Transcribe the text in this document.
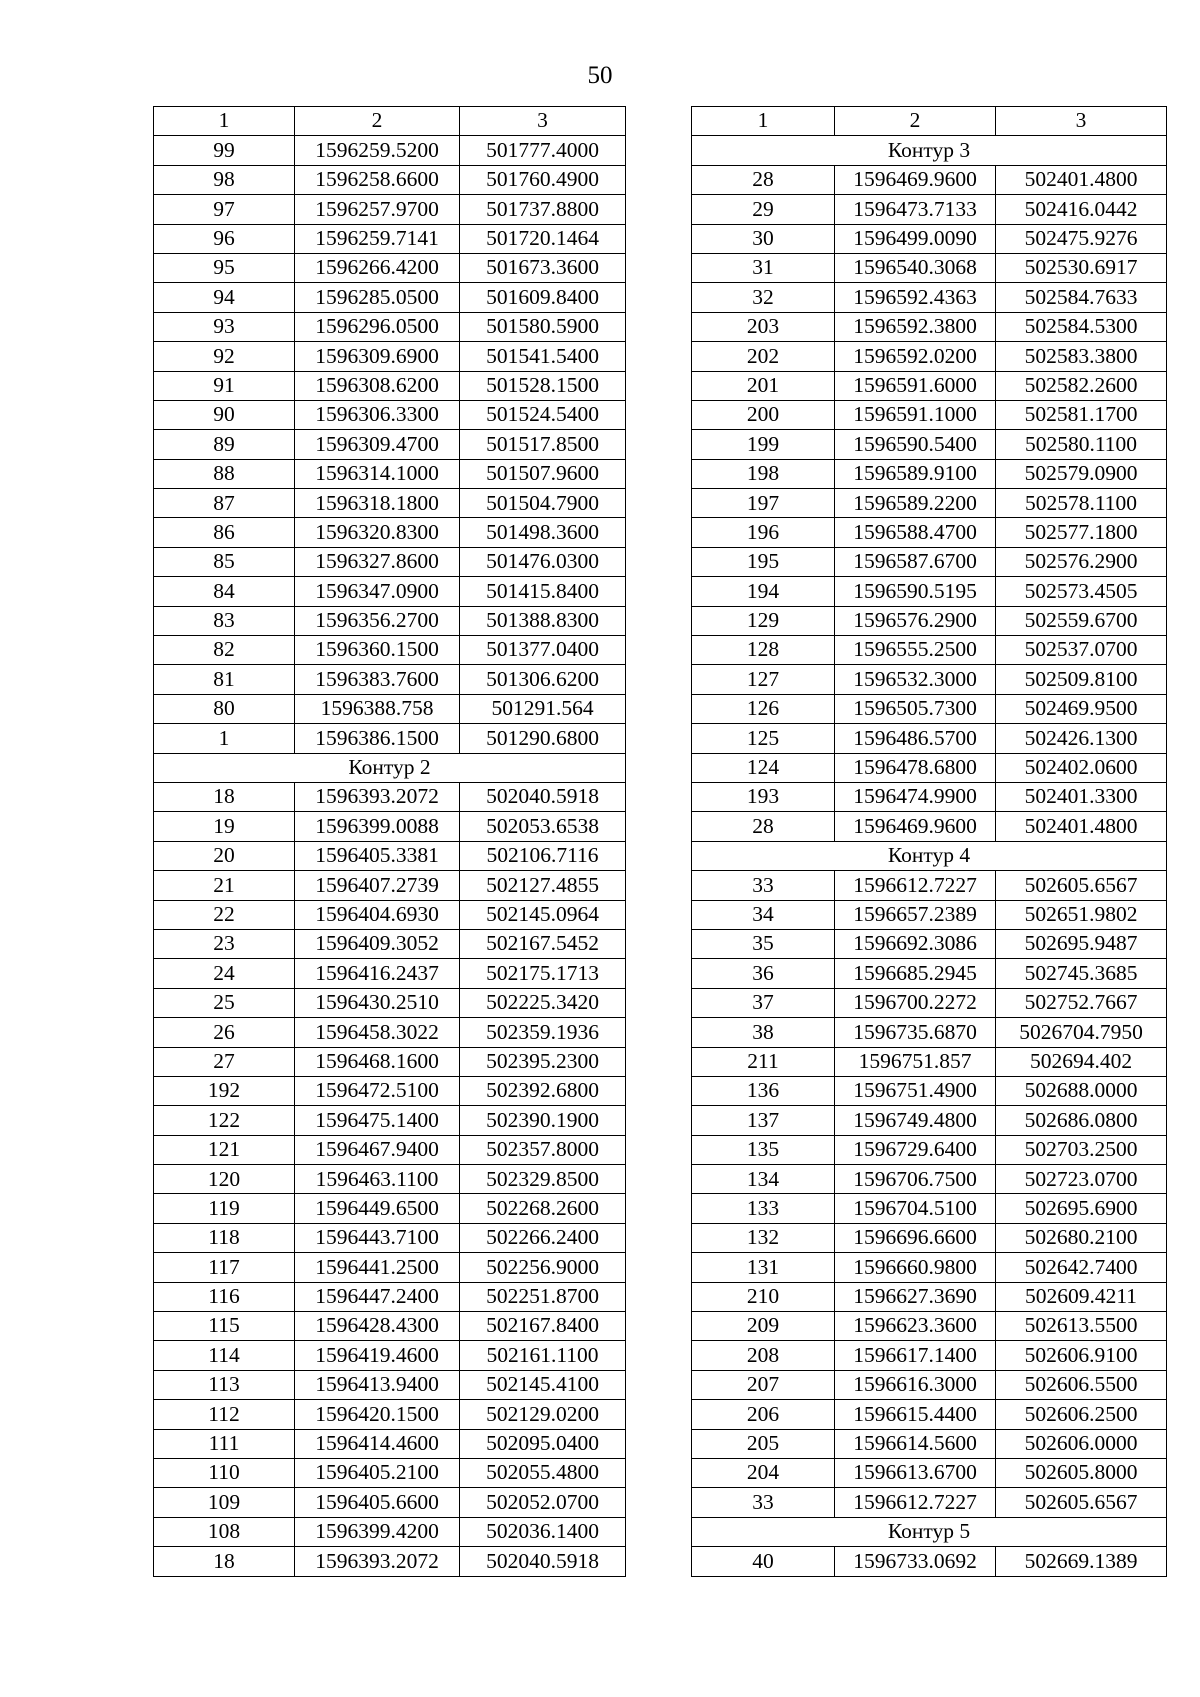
50
1	2	3
99	1596259.5200	501777.4000
98	1596258.6600	501760.4900
97	1596257.9700	501737.8800
96	1596259.7141	501720.1464
95	1596266.4200	501673.3600
94	1596285.0500	501609.8400
93	1596296.0500	501580.5900
92	1596309.6900	501541.5400
91	1596308.6200	501528.1500
90	1596306.3300	501524.5400
89	1596309.4700	501517.8500
88	1596314.1000	501507.9600
87	1596318.1800	501504.7900
86	1596320.8300	501498.3600
85	1596327.8600	501476.0300
84	1596347.0900	501415.8400
83	1596356.2700	501388.8300
82	1596360.1500	501377.0400
81	1596383.7600	501306.6200
80	1596388.758	501291.564
1	1596386.1500	501290.6800
Контур 2		
18	1596393.2072	502040.5918
19	1596399.0088	502053.6538
20	1596405.3381	502106.7116
21	1596407.2739	502127.4855
22	1596404.6930	502145.0964
23	1596409.3052	502167.5452
24	1596416.2437	502175.1713
25	1596430.2510	502225.3420
26	1596458.3022	502359.1936
27	1596468.1600	502395.2300
192	1596472.5100	502392.6800
122	1596475.1400	502390.1900
121	1596467.9400	502357.8000
120	1596463.1100	502329.8500
119	1596449.6500	502268.2600
118	1596443.7100	502266.2400
117	1596441.2500	502256.9000
116	1596447.2400	502251.8700
115	1596428.4300	502167.8400
114	1596419.4600	502161.1100
113	1596413.9400	502145.4100
112	1596420.1500	502129.0200
111	1596414.4600	502095.0400
110	1596405.2100	502055.4800
109	1596405.6600	502052.0700
108	1596399.4200	502036.1400
18	1596393.2072	502040.5918
1	2	3
Контур 3		
28	1596469.9600	502401.4800
29	1596473.7133	502416.0442
30	1596499.0090	502475.9276
31	1596540.3068	502530.6917
32	1596592.4363	502584.7633
203	1596592.3800	502584.5300
202	1596592.0200	502583.3800
201	1596591.6000	502582.2600
200	1596591.1000	502581.1700
199	1596590.5400	502580.1100
198	1596589.9100	502579.0900
197	1596589.2200	502578.1100
196	1596588.4700	502577.1800
195	1596587.6700	502576.2900
194	1596590.5195	502573.4505
129	1596576.2900	502559.6700
128	1596555.2500	502537.0700
127	1596532.3000	502509.8100
126	1596505.7300	502469.9500
125	1596486.5700	502426.1300
124	1596478.6800	502402.0600
193	1596474.9900	502401.3300
28	1596469.9600	502401.4800
Контур 4		
33	1596612.7227	502605.6567
34	1596657.2389	502651.9802
35	1596692.3086	502695.9487
36	1596685.2945	502745.3685
37	1596700.2272	502752.7667
38	1596735.6870	5026704.7950
211	1596751.857	502694.402
136	1596751.4900	502688.0000
137	1596749.4800	502686.0800
135	1596729.6400	502703.2500
134	1596706.7500	502723.0700
133	1596704.5100	502695.6900
132	1596696.6600	502680.2100
131	1596660.9800	502642.7400
210	1596627.3690	502609.4211
209	1596623.3600	502613.5500
208	1596617.1400	502606.9100
207	1596616.3000	502606.5500
206	1596615.4400	502606.2500
205	1596614.5600	502606.0000
204	1596613.6700	502605.8000
33	1596612.7227	502605.6567
Контур 5		
40	1596733.0692	502669.1389
